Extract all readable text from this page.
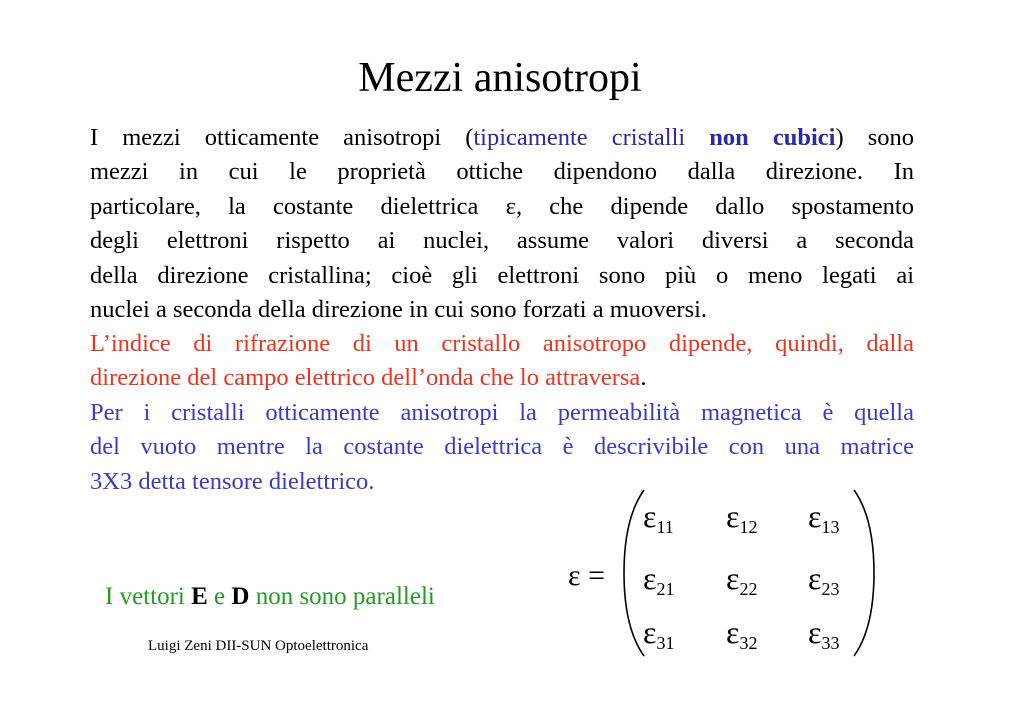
Mezzi anisotropi
I mezzi otticamente anisotropi (tipicamente cristalli non cubici) sono
mezzi in cui le proprietà ottiche dipendono dalla direzione. In
particolare, la costante dielettrica ε, che dipende dallo spostamento
degli elettroni rispetto ai nuclei, assume valori diversi a seconda
della direzione cristallina; cioè gli elettroni sono più o meno legati ai
nuclei a seconda della direzione in cui sono forzati a muoversi.
L’indice di rifrazione di un cristallo anisotropo dipende, quindi, dalla
direzione del campo elettrico dell’onda che lo attraversa.
Per i cristalli otticamente anisotropi la permeabilità magnetica è quella
del vuoto mentre la costante dielettrica è descrivibile con una matrice
3X3 detta tensore dielettrico.
I vettori E e D non sono paralleli
Luigi Zeni DII-SUN Optoelettronica
ε =
$\varepsilon_{11}$ $\varepsilon_{12}$ $\varepsilon_{13}$
$\varepsilon_{21}$ $\varepsilon_{22}$ $\varepsilon_{23}$
$\varepsilon_{31}$ $\varepsilon_{32}$ $\varepsilon_{33}$
